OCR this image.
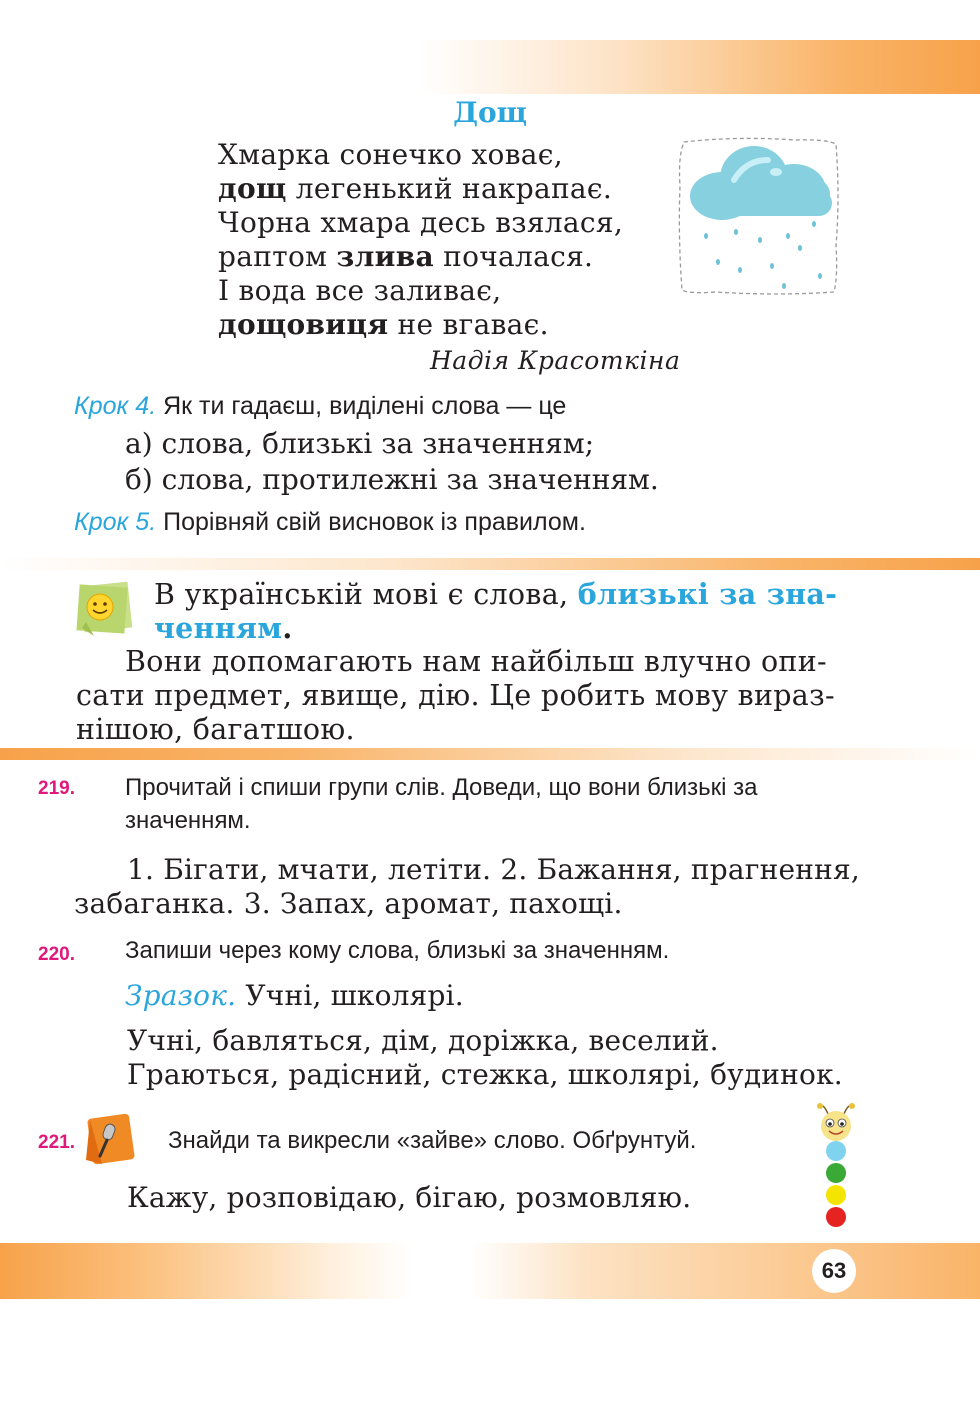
Дощ
Хмарка сонечко ховає,
дощ легенький накрапає.
Чорна хмара десь взялася,
раптом злива почалася.
І вода все заливає,
дощовиця не вгаває.
Надія Красоткіна
Крок 4. Як ти гадаєш, виділені слова — це
а) слова, близькі за значенням;
б) слова, протилежні за значенням.
Крок 5. Порівняй свій висновок із правилом.
В українській мові є слова, близькі за зна-
ченням.
Вони допомагають нам найбільш влучно опи-
сати предмет, явище, дію. Це робить мову вираз-
нішою, багатшою.
219. Прочитай і спиши групи слів. Доведи, що вони близькі за
значенням.
1. Бігати, мчати, летіти. 2. Бажання, прагнення,
забаганка. 3. Запах, аромат, пахощі.
220. Запиши через кому слова, близькі за значенням.
Зразок. Учні, школярі.
Учні, бавляться, дім, доріжка, веселий.
Граються, радісний, стежка, школярі, будинок.
221.	Знайди та викресли «зайве» слово. Обґрунтуй.
Кажу, розповідаю, бігаю, розмовляю.
63
